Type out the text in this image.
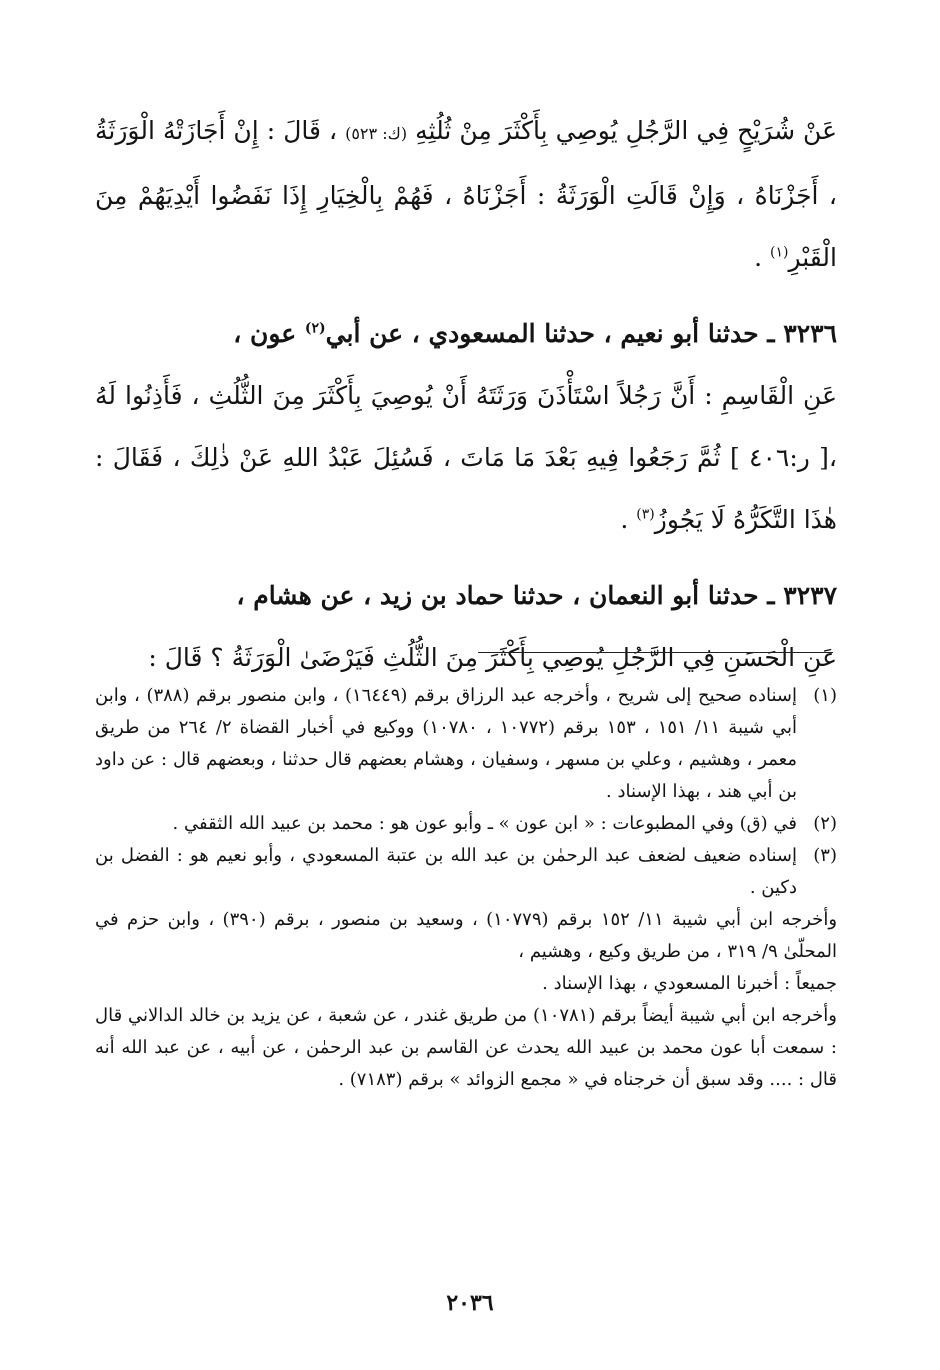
عَنْ شُرَيْحٍ فِي الرَّجُلِ يُوصِي بِأَكْثَرَ مِنْ ثُلُثِهِ (ك: ٥٢٣) ، قَالَ : إِنْ أَجَازَتْهُ الْوَرَثَةُ ، أَجَزْنَاهُ ، وَإِنْ قَالَتِ الْوَرَثَةُ : أَجَزْنَاهُ ، فَهُمْ بِالْخِيَارِ إِذَا نَفَضُوا أَيْدِيَهُمْ مِنَ الْقَبْرِ$^{(١)}$ .

٣٢٣٦ ـ حدثنا أبو نعيم ، حدثنا المسعودي ، عن أبي$^{(٢)}$ عون ،

عَنِ الْقَاسِمِ : أَنَّ رَجُلاً اسْتَأْذَنَ وَرَثَتَهُ أَنْ يُوصِيَ بِأَكْثَرَ مِنَ الثُّلُثِ ، فَأَذِنُوا لَهُ ،[ ر:٤٠٦ ] ثُمَّ رَجَعُوا فِيهِ بَعْدَ مَا مَاتَ ، فَسُئِلَ عَبْدُ اللهِ عَنْ ذٰلِكَ ، فَقَالَ : هٰذَا التَّكَرُّهُ لَا يَجُوزُ$^{(٣)}$ .

٣٢٣٧ ـ حدثنا أبو النعمان ، حدثنا حماد بن زيد ، عن هشام ،

عَنِ الْحَسَنِ فِي الرَّجُلِ يُوصِي بِأَكْثَرَ مِنَ الثُّلُثِ فَيَرْضَىٰ الْوَرَثَةُ ؟ قَالَ :

(١)
إسناده صحيح إلى شريح ، وأخرجه عبد الرزاق برقم (١٦٤٤٩) ، وابن منصور برقم (٣٨٨) ، وابن أبي شيبة ١١/ ١٥١ ، ١٥٣ برقم (١٠٧٧٢ ، ١٠٧٨٠) ووكيع في أخبار القضاة ٢/ ٢٦٤ من طريق معمر ، وهشيم ، وعلي بن مسهر ، وسفيان ، وهشام بعضهم قال حدثنا ، وبعضهم قال : عن داود بن أبي هند ، بهذا الإسناد .
(٢)
في (ق) وفي المطبوعات : « ابن عون » ـ وأبو عون هو : محمد بن عبيد الله الثقفي .
(٣)
إسناده ضعيف لضعف عبد الرحمٰن بن عبد الله بن عتبة المسعودي ، وأبو نعيم هو : الفضل بن دكين .
وأخرجه ابن أبي شيبة ١١/ ١٥٢ برقم (١٠٧٧٩) ، وسعيد بن منصور ، برقم (٣٩٠) ، وابن حزم في المحلّىٰ ٩/ ٣١٩ ، من طريق وكيع ، وهشيم ،
جميعاً : أخبرنا المسعودي ، بهذا الإسناد .
وأخرجه ابن أبي شيبة أيضاً برقم (١٠٧٨١) من طريق غندر ، عن شعبة ، عن يزيد بن خالد الدالاني قال : سمعت أبا عون محمد بن عبيد الله يحدث عن القاسم بن عبد الرحمٰن ، عن أبيه ، عن عبد الله أنه قال : .... وقد سبق أن خرجناه في « مجمع الزوائد » برقم (٧١٨٣) .
٢٠٣٦
